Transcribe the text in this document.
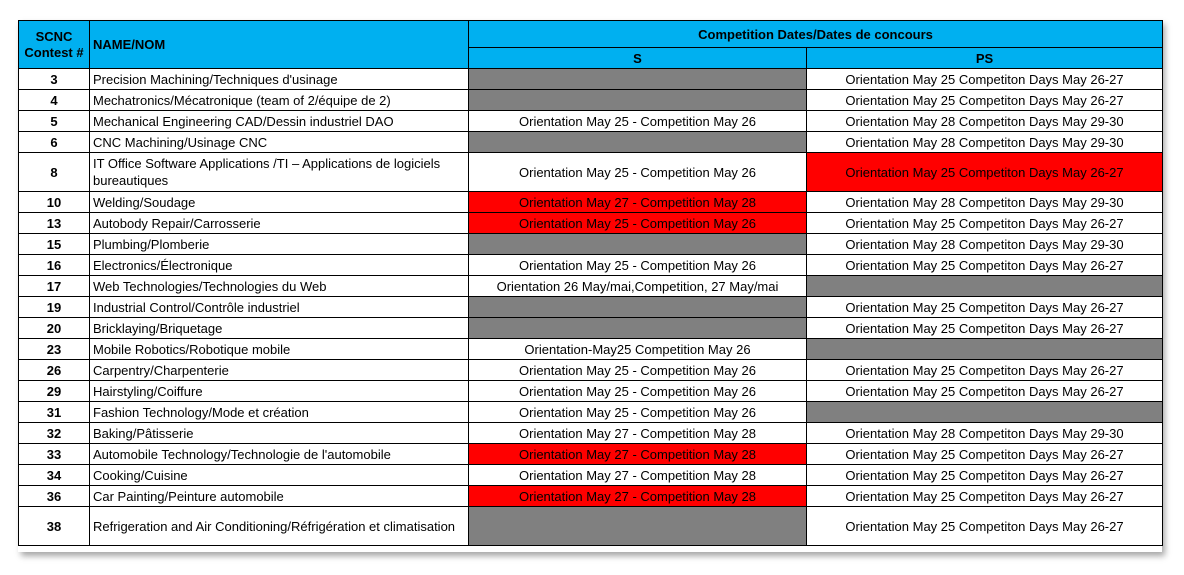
SCNC
Contest #	NAME/NOM	Competition Dates/Dates de concours	
		S	PS
3	Precision Machining/Techniques d'usinage		Orientation May 25 Competiton Days May 26-27
4	Mechatronics/Mécatronique (team of 2/équipe de 2)		Orientation May 25 Competiton Days May 26-27
5	Mechanical Engineering CAD/Dessin industriel DAO	Orientation May 25 - Competition May 26	Orientation May 28 Competiton Days May 29-30
6	CNC Machining/Usinage CNC		Orientation May 28 Competiton Days May 29-30
8	IT Office Software Applications /TI – Applications de logiciels bureautiques	Orientation May 25 - Competition May 26	Orientation May 25 Competiton Days May 26-27
10	Welding/Soudage	Orientation May 27 - Competition May 28	Orientation May 28 Competiton Days May 29-30
13	Autobody Repair/Carrosserie	Orientation May 25 - Competition May 26	Orientation May 25 Competiton Days May 26-27
15	Plumbing/Plomberie		Orientation May 28 Competiton Days May 29-30
16	Electronics/Électronique	Orientation May 25 - Competition May 26	Orientation May 25 Competiton Days May 26-27
17	Web Technologies/Technologies du Web	Orientation 26 May/mai,Competition, 27 May/mai	
19	Industrial Control/Contrôle industriel		Orientation May 25 Competiton Days May 26-27
20	Bricklaying/Briquetage		Orientation May 25 Competiton Days May 26-27
23	Mobile Robotics/Robotique mobile	Orientation-May25 Competition May 26	
26	Carpentry/Charpenterie	Orientation May 25 - Competition May 26	Orientation May 25 Competiton Days May 26-27
29	Hairstyling/Coiffure	Orientation May 25 - Competition May 26	Orientation May 25 Competiton Days May 26-27
31	Fashion Technology/Mode et création	Orientation May 25 - Competition May 26	
32	Baking/Pâtisserie	Orientation May 27 - Competition May 28	Orientation May 28 Competiton Days May 29-30
33	Automobile Technology/Technologie de l'automobile	Orientation May 27 - Competition May 28	Orientation May 25 Competiton Days May 26-27
34	Cooking/Cuisine	Orientation May 27 - Competition May 28	Orientation May 25 Competiton Days May 26-27
36	Car Painting/Peinture automobile	Orientation May 27 - Competition May 28	Orientation May 25 Competiton Days May 26-27
38	Refrigeration and Air Conditioning/Réfrigération et climatisation		Orientation May 25 Competiton Days May 26-27
